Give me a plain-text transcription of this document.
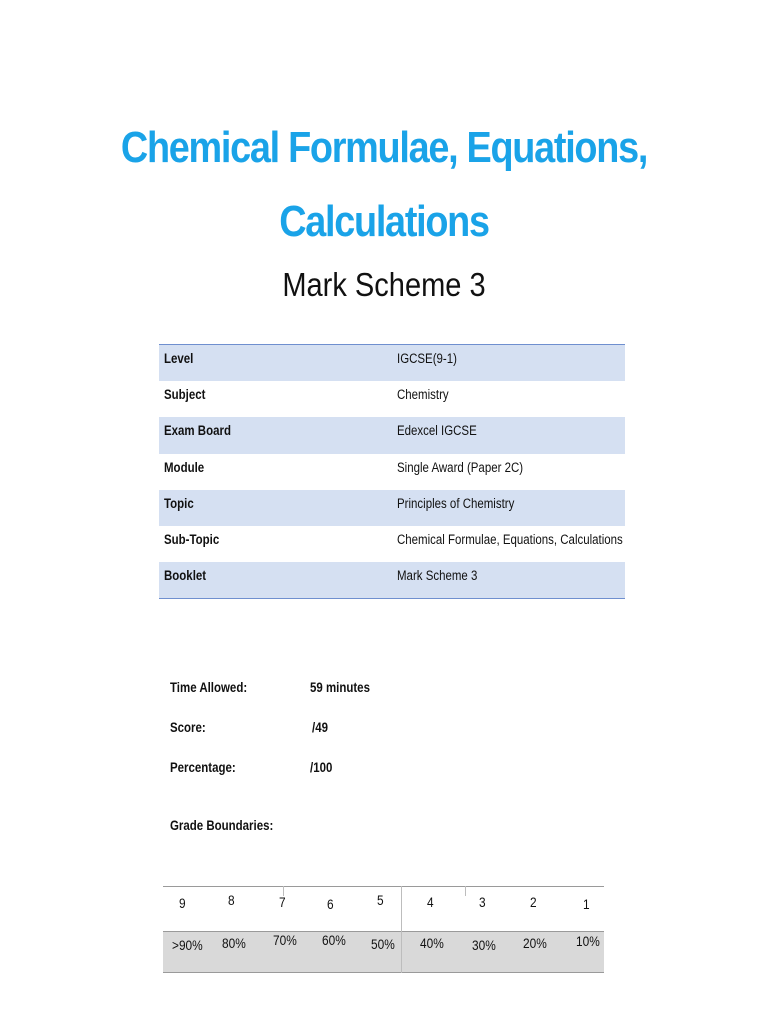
Chemical Formulae, Equations,
Calculations
Mark Scheme 3
Level	IGCSE(9-1)
Subject	Chemistry
Exam Board	Edexcel IGCSE
Module	Single Award (Paper 2C)
Topic	Principles of Chemistry
Sub-Topic	Chemical Formulae, Equations, Calculations
Booklet	Mark Scheme 3
Time Allowed:	59 minutes
Score:	/49
Percentage:	/100
Grade Boundaries:
9	8	7	6	5	4	3	2	1
>90% 80% 70% 60% 50% 40% 30% 20% 10%
